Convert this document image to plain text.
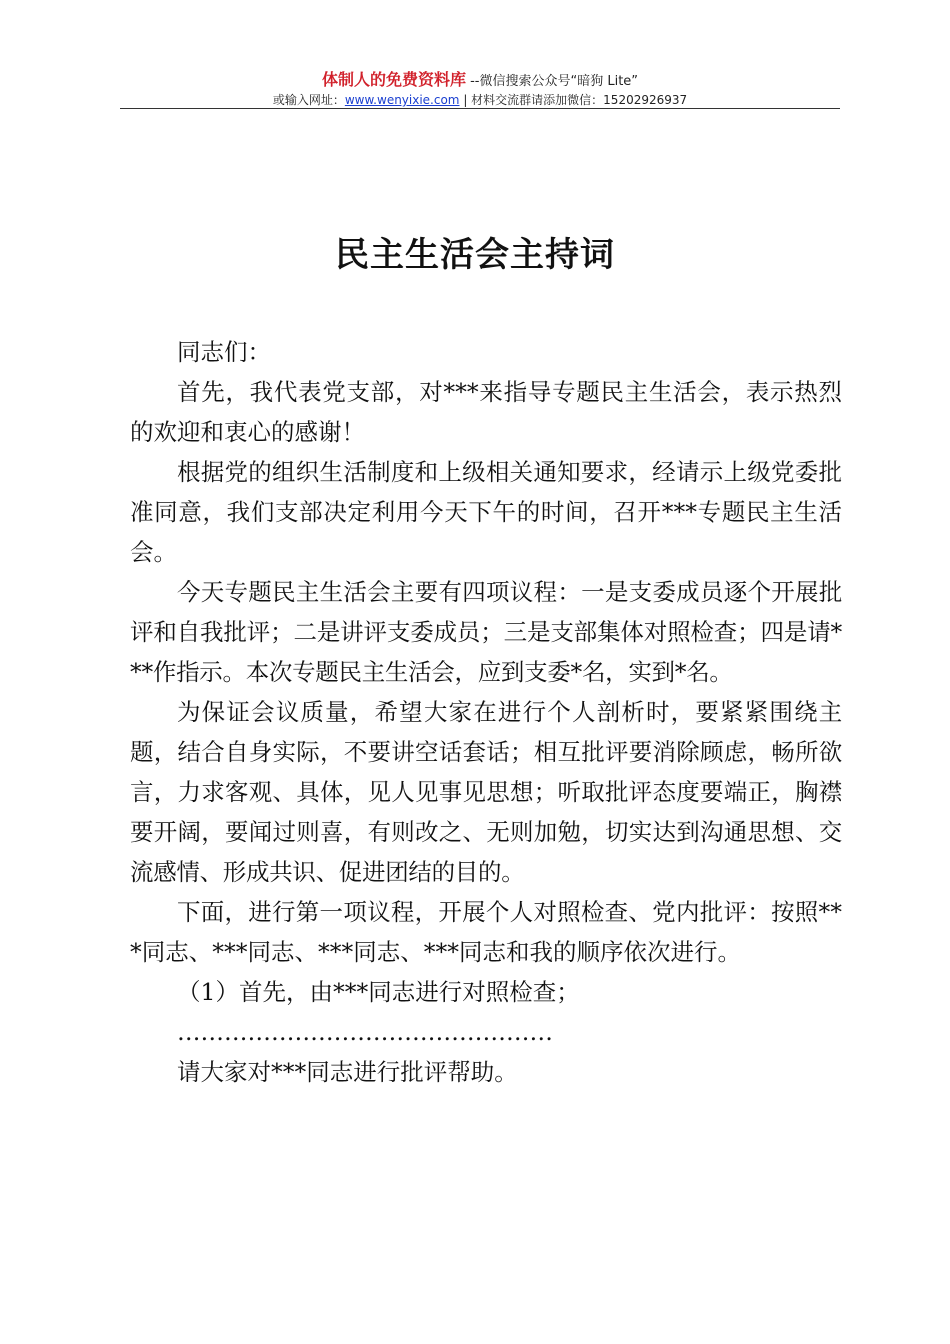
体制人的免费资料库 --微信搜索公众号“暗狗 Lite”
或输入网址：www.wenyixie.com | 材料交流群请添加微信：15202926937
民主生活会主持词

同志们：

首先，我代表党支部，对***来指导专题民主生活会，表示热烈的欢迎和衷心的感谢！

根据党的组织生活制度和上级相关通知要求，经请示上级党委批准同意，我们支部决定利用今天下午的时间，召开***专题民主生活会。

今天专题民主生活会主要有四项议程：一是支委成员逐个开展批评和自我批评；二是讲评支委成员；三是支部集体对照检查；四是请***作指示。本次专题民主生活会，应到支委*名，实到*名。

为保证会议质量，希望大家在进行个人剖析时，要紧紧围绕主题，结合自身实际，不要讲空话套话；相互批评要消除顾虑，畅所欲言，力求客观、具体，见人见事见思想；听取批评态度要端正，胸襟要开阔，要闻过则喜，有则改之、无则加勉，切实达到沟通思想、交流感情、形成共识、促进团结的目的。

下面，进行第一项议程，开展个人对照检查、党内批评：按照***同志、***同志、***同志、***同志和我的顺序依次进行。

（1）首先，由***同志进行对照检查；

…………………………………………

请大家对***同志进行批评帮助。
